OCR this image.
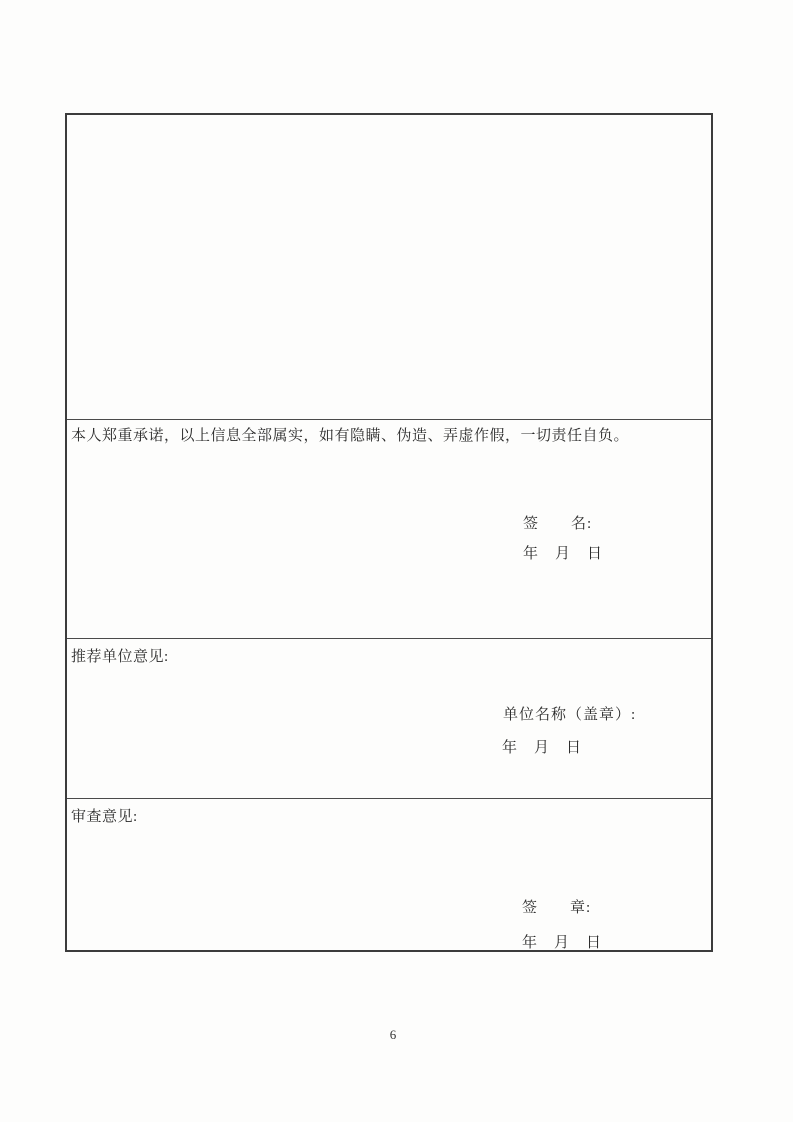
本人郑重承诺，以上信息全部属实，如有隐瞒、伪造、弄虚作假，一切责任自负。
签　　名:
年　月　日
推荐单位意见:
单位名称（盖章）:
年　月　日
审查意见:
签　　章:
年　月　日
6
